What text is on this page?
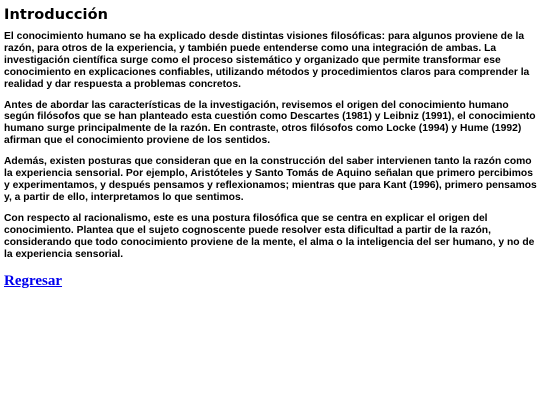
Introducción

El conocimiento humano se ha explicado desde distintas visiones filosóficas: para algunos proviene de la razón, para otros de la experiencia, y también puede entenderse como una integración de ambas. La investigación científica surge como el proceso sistemático y organizado que permite transformar ese conocimiento en explicaciones confiables, utilizando métodos y procedimientos claros para comprender la realidad y dar respuesta a problemas concretos.

Antes de abordar las características de la investigación, revisemos el origen del conocimiento humano según filósofos que se han planteado esta cuestión como Descartes (1981) y Leibniz (1991), el conocimiento humano surge principalmente de la razón. En contraste, otros filósofos como Locke (1994) y Hume (1992) afirman que el conocimiento proviene de los sentidos.

Además, existen posturas que consideran que en la construcción del saber intervienen tanto la razón como la experiencia sensorial. Por ejemplo, Aristóteles y Santo Tomás de Aquino señalan que primero percibimos y experimentamos, y después pensamos y reflexionamos; mientras que para Kant (1996), primero pensamos y, a partir de ello, interpretamos lo que sentimos.

Con respecto al racionalismo, este es una postura filosófica que se centra en explicar el origen del conocimiento. Plantea que el sujeto cognoscente puede resolver esta dificultad a partir de la razón, considerando que todo conocimiento proviene de la mente, el alma o la inteligencia del ser humano, y no de la experiencia sensorial.

Regresar
